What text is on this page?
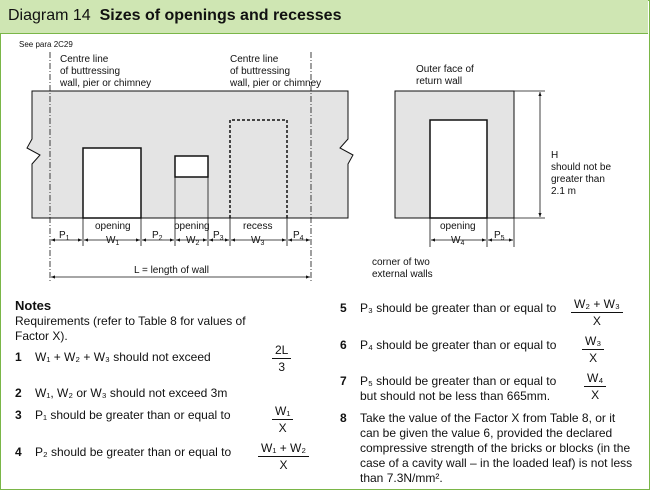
Diagram 14 Sizes of openings and recesses
See para 2C29
Centre line of buttressing wall, pier or chimney
Centre line of buttressing wall, pier or chimney
opening	opening	recess
$P_1$	$W_1$
$P_2$ $W_2$
$P_3$	$W_3$
$P_4$
L = length of wall
Outer face of return wall
H should not be greater than 2.1 m
opening
$W_4$
$P_5$
corner of two external walls
Notes
Requirements (refer to Table 8 for values of
Factor X).
1 W₁ + W₂ + W₃ should not exceed	$\frac{2L}{3}$
2 W₁, W₂ or W₃ should not exceed 3m
3 P₁ should be greater than or equal to	$\frac{\text{W₁}}{X}$
4 P₂ should be greater than or equal to $\frac{\text{W₁ + W₂}}{X}$
5 P₃ should be greater than or equal to $\frac{\text{W₂ + W₃}}{X}$
6 P₄ should be greater than or equal to $\frac{\text{W₃}}{X}$
7 P₅ should be greater than or equal to
but should not be less than 665mm.	$\frac{\text{W₄}}{X}$
8 Take the value of the Factor X from Table 8, or it
can be given the value 6, provided the declared
compressive strength of the bricks or blocks (in the
case of a cavity wall – in the loaded leaf) is not less
than 7.3N/mm².
